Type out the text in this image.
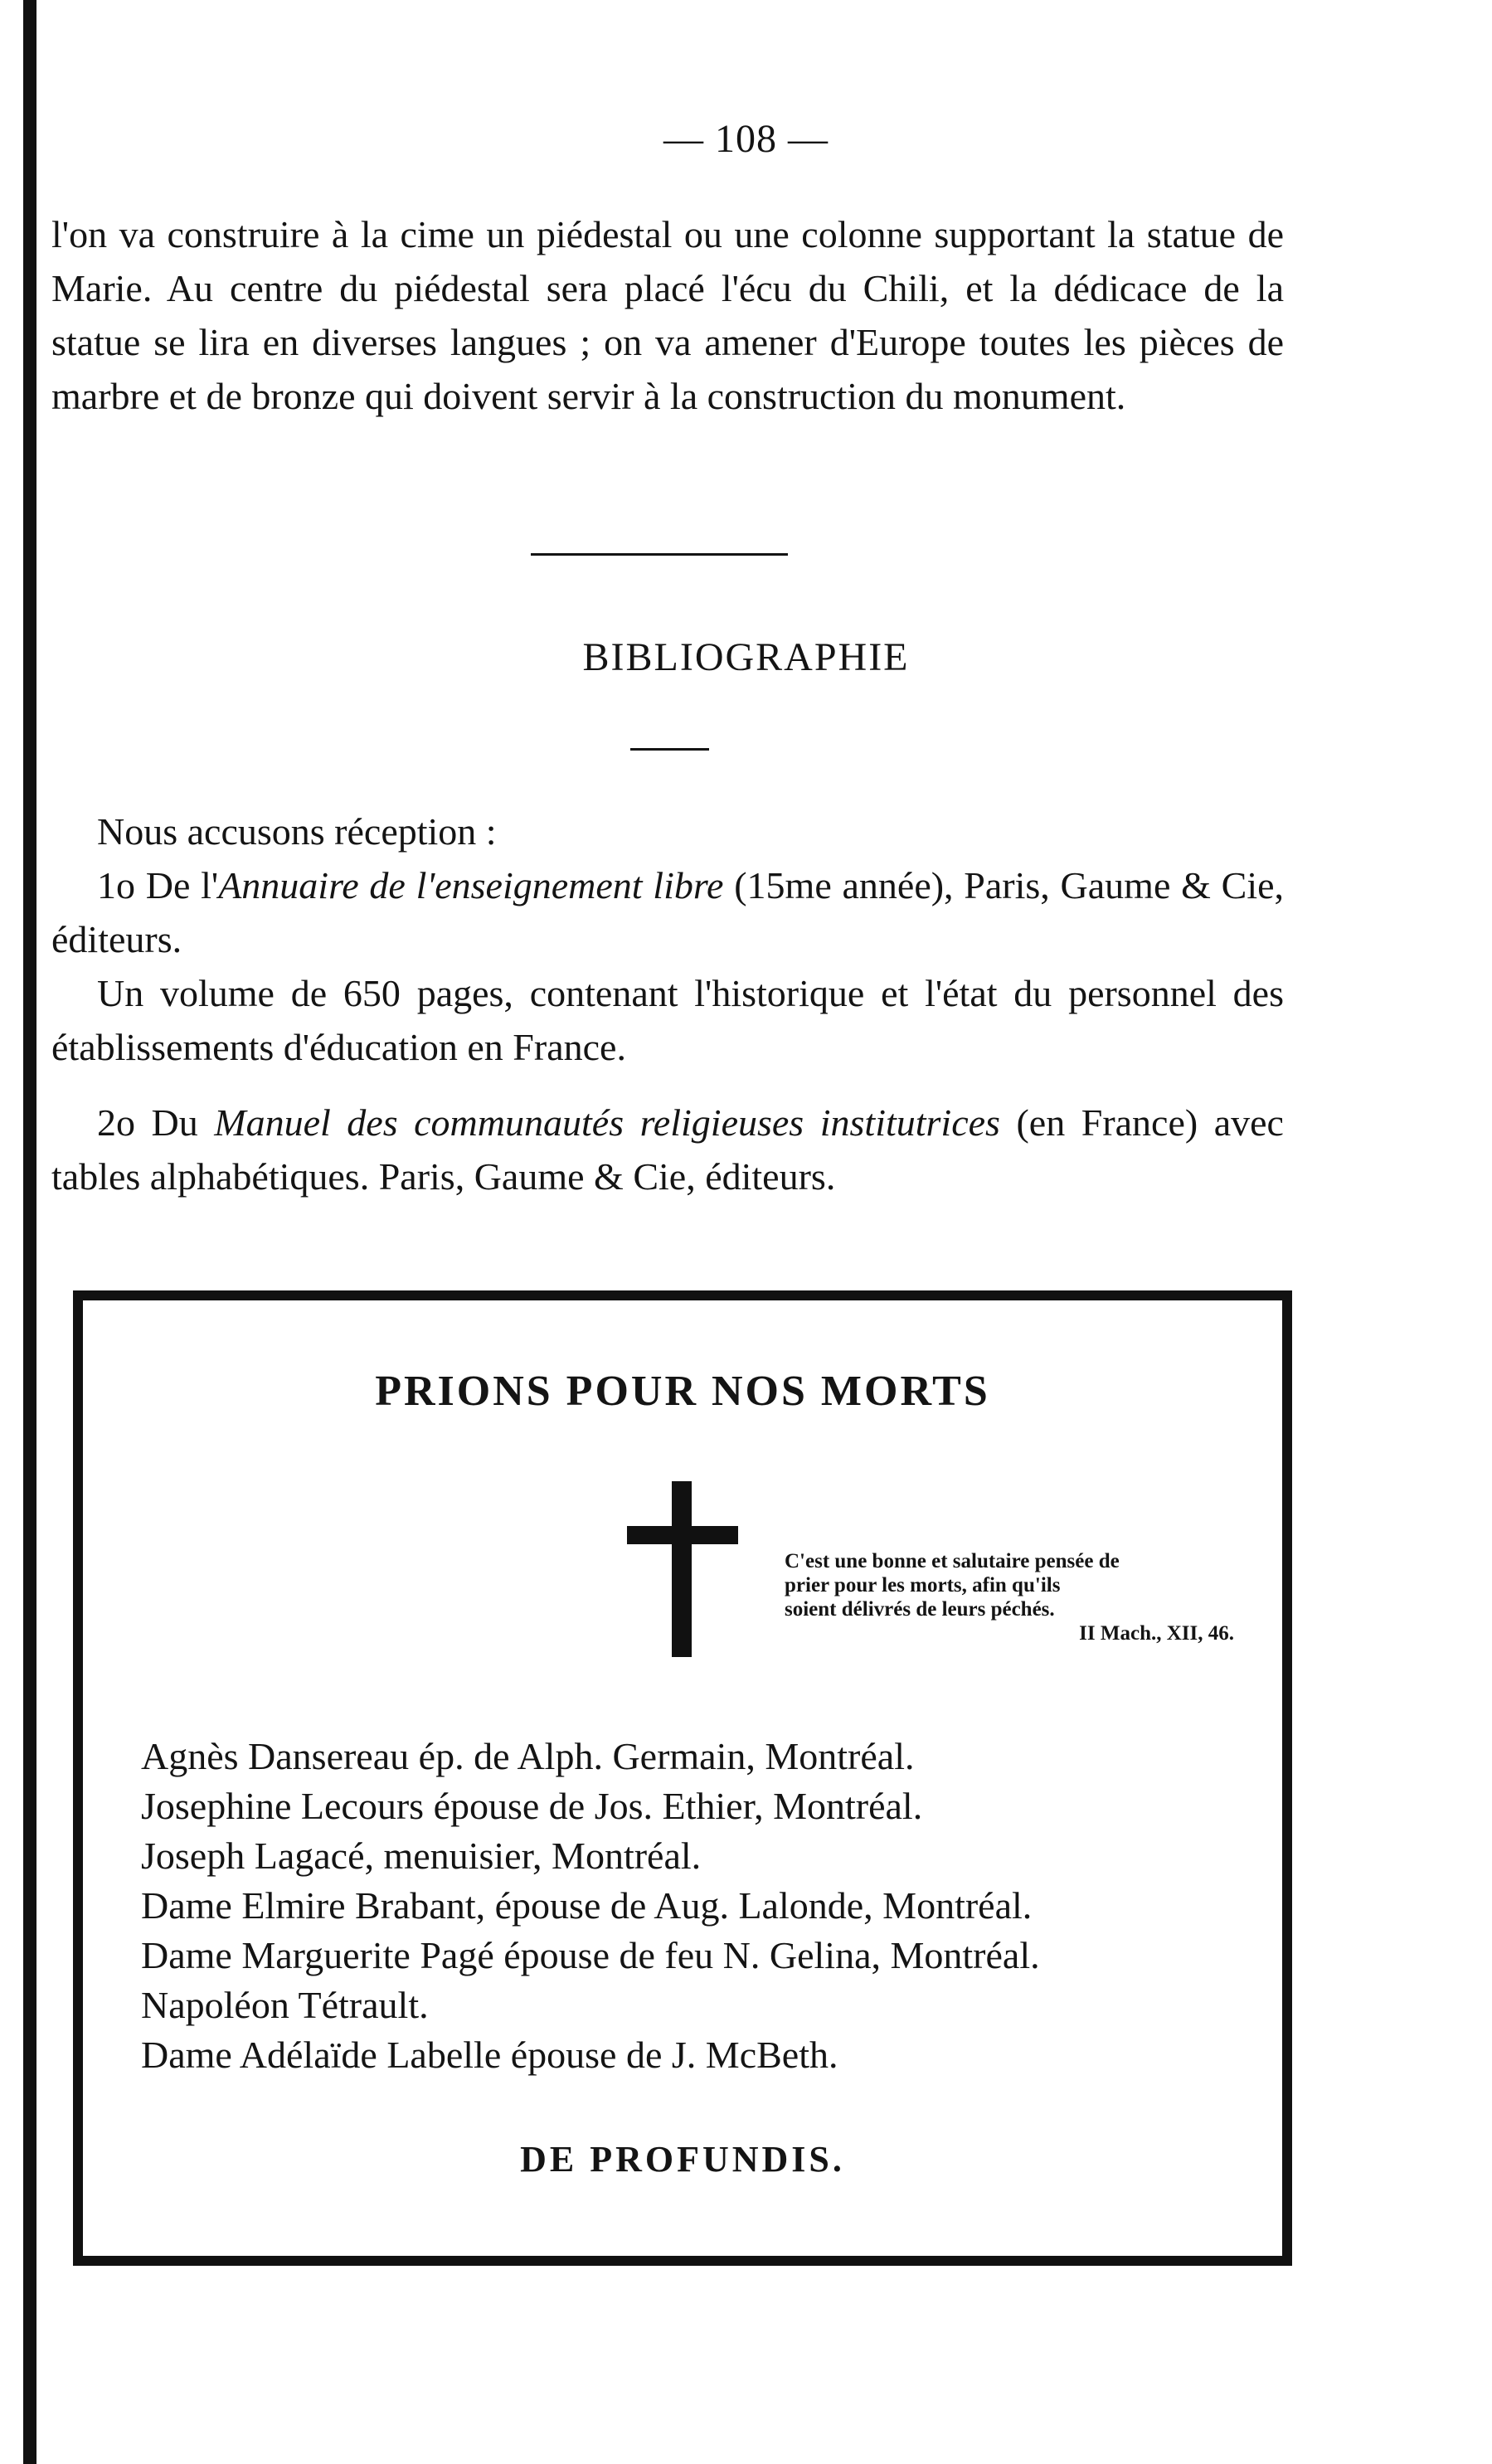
— 108 —

l'on va construire à la cime un piédestal ou une colonne supportant la statue de Marie. Au centre du piédestal sera placé l'écu du Chili, et la dédicace de la statue se lira en diverses langues ; on va amener d'Europe toutes les pièces de marbre et de bronze qui doivent servir à la construction du monument.

BIBLIOGRAPHIE

Nous accusons réception :

1o De l'Annuaire de l'enseignement libre (15me année), Paris, Gaume & Cie, éditeurs.

Un volume de 650 pages, contenant l'historique et l'état du personnel des établissements d'éducation en France.

2o Du Manuel des communautés religieuses institutrices (en France) avec tables alphabétiques. Paris, Gaume & Cie, éditeurs.

PRIONS POUR NOS MORTS
C'est une bonne et salutaire pensée de
prier pour les morts, afin qu'ils
soient délivrés de leurs péchés.
II Mach., XII, 46.
Agnès Dansereau ép. de Alph. Germain, Montréal.
Josephine Lecours épouse de Jos. Ethier, Montréal.
Joseph Lagacé, menuisier, Montréal.
Dame Elmire Brabant, épouse de Aug. Lalonde, Montréal.
Dame Marguerite Pagé épouse de feu N. Gelina, Montréal.
Napoléon Tétrault.
Dame Adélaïde Labelle épouse de J. McBeth.
DE PROFUNDIS.
